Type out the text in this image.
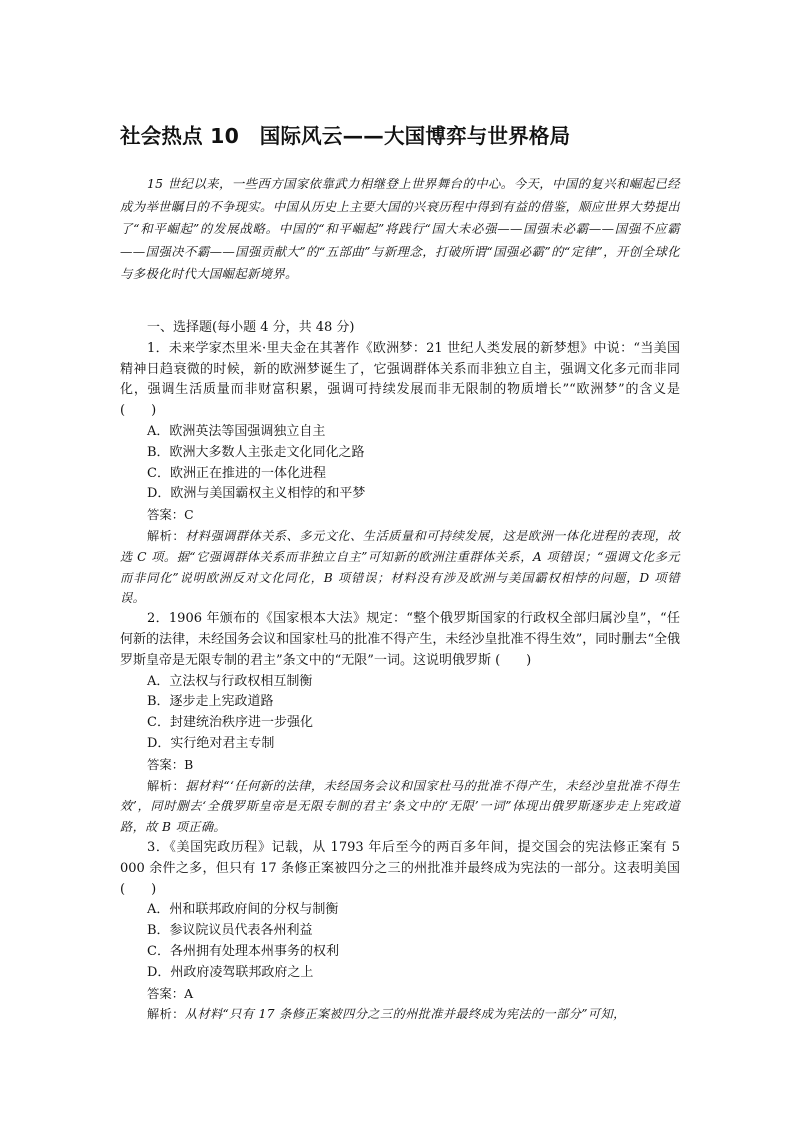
社会热点 10　国际风云——大国博弈与世界格局

15 世纪以来，一些西方国家依靠武力相继登上世界舞台的中心。今天，中国的复兴和崛起已经成为举世瞩目的不争现实。中国从历史上主要大国的兴衰历程中得到有益的借鉴，顺应世界大势提出了“和平崛起”的发展战略。中国的“和平崛起”将践行“国大未必强——国强未必霸——国强不应霸——国强决不霸——国强贡献大”的“五部曲”与新理念，打破所谓“国强必霸”的“定律”，开创全球化与多极化时代大国崛起新境界。

一、选择题(每小题 4 分，共 48 分)

1．未来学家杰里米·里夫金在其著作《欧洲梦：21 世纪人类发展的新梦想》中说：“当美国精神日趋衰微的时候，新的欧洲梦诞生了，它强调群体关系而非独立自主，强调文化多元而非同化，强调生活质量而非财富积累，强调可持续发展而非无限制的物质增长”“欧洲梦”的含义是(　　)

A．欧洲英法等国强调独立自主

B．欧洲大多数人主张走文化同化之路

C．欧洲正在推进的一体化进程

D．欧洲与美国霸权主义相悖的和平梦

答案：C

解析：材料强调群体关系、多元文化、生活质量和可持续发展，这是欧洲一体化进程的表现，故选 C 项。据“它强调群体关系而非独立自主”可知新的欧洲注重群体关系，A 项错误；“强调文化多元而非同化”说明欧洲反对文化同化，B 项错误；材料没有涉及欧洲与美国霸权相悖的问题，D 项错误。

2．1906 年颁布的《国家根本大法》规定：“整个俄罗斯国家的行政权全部归属沙皇”，“任何新的法律，未经国务会议和国家杜马的批准不得产生，未经沙皇批准不得生效”，同时删去“全俄罗斯皇帝是无限专制的君主”条文中的“无限”一词。这说明俄罗斯 (　　)

A．立法权与行政权相互制衡

B．逐步走上宪政道路

C．封建统治秩序进一步强化

D．实行绝对君主专制

答案：B

解析：据材料“‘任何新的法律，未经国务会议和国家杜马的批准不得产生，未经沙皇批准不得生效’，同时删去‘全俄罗斯皇帝是无限专制的君主’条文中的‘无限’一词”体现出俄罗斯逐步走上宪政道路，故 B 项正确。

3．《美国宪政历程》记载，从 1793 年后至今的两百多年间，提交国会的宪法修正案有 5 000 余件之多，但只有 17 条修正案被四分之三的州批准并最终成为宪法的一部分。这表明美国(　　)

A．州和联邦政府间的分权与制衡

B．参议院议员代表各州利益

C．各州拥有处理本州事务的权利

D．州政府凌驾联邦政府之上

答案：A

解析：从材料“只有 17 条修正案被四分之三的州批准并最终成为宪法的一部分”可知，
